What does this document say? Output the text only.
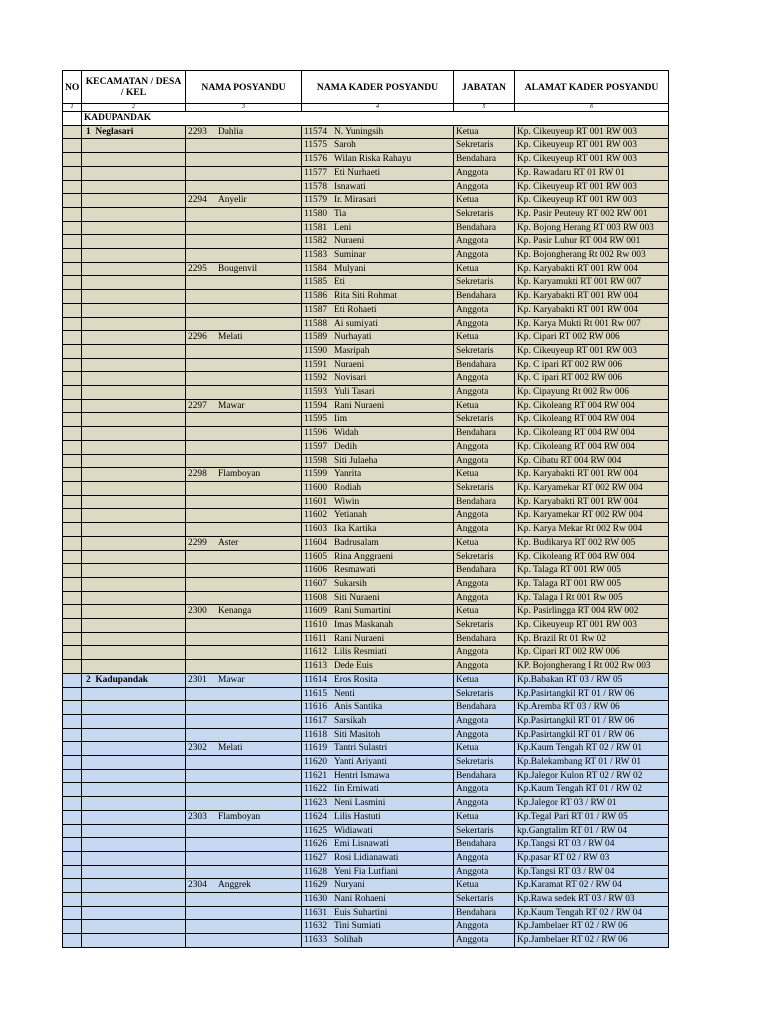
NO	KECAMATAN / DESA / KEL	NAMA POSYANDU	NAMA KADER POSYANDU	JABATAN	ALAMAT KADER POSYANDU
1	2	3	4	5	6
	KADUPANDAK				
	1 Neglasari	2293 Dahlia	11574 N. Yuningsih	Ketua	Kp. Cikeuyeup RT 001 RW 003
			11575 Saroh	Sekretaris	Kp. Cikeuyeup RT 001 RW 003
			11576 Wilan Riska Rahayu	Bendahara	Kp. Cikeuyeup RT 001 RW 003
			11577 Eti Nurhaeti	Anggota	Kp. Rawadaru RT 01 RW 01
			11578 Isnawati	Anggota	Kp. Cikeuyeup RT 001 RW 003
		2294 Anyelir	11579 Ir. Mirasari	Ketua	Kp. Cikeuyeup RT 001 RW 003
			11580 Tia	Sekretaris	Kp. Pasir Peuteuy RT 002 RW 001
			11581 Leni	Bendahara	Kp. Bojong Herang RT 003 RW 003
			11582 Nuraeni	Anggota	Kp. Pasir Luhur RT 004 RW 001
			11583 Suminar	Anggota	Kp. Bojongherang Rt 002 Rw 003
		2295 Bougenvil	11584 Mulyani	Ketua	Kp. Karyabakti RT 001 RW 004
			11585 Eti	Sekretaris	Kp. Karyamukti RT 001 RW 007
			11586 Rita Siti Rohmat	Bendahara	Kp. Karyabakti RT 001 RW 004
			11587 Eti Rohaeti	Anggota	Kp. Karyabakti RT 001 RW 004
			11588 Ai sumiyati	Anggota	Kp. Karya Mukti Rt 001 Rw 007
		2296 Melati	11589 Nurhayati	Ketua	Kp. Cipari RT 002 RW 006
			11590 Masripah	Sekretaris	Kp. Cikeuyeup RT 001 RW 003
			11591 Nuraeni	Bendahara	Kp. C ipari RT 002 RW 006
			11592 Novisari	Anggota	Kp. C ipari RT 002 RW 006
			11593 Yuli Tasari	Anggota	Kp. Cipayung Rt 002 Rw 006
		2297 Mawar	11594 Rani Nuraeni	Ketua	Kp. Cikoleang RT 004 RW 004
			11595 Iim	Sekretaris	Kp. Cikoleang RT 004 RW 004
			11596 Widah	Bendahara	Kp. Cikoleang RT 004 RW 004
			11597 Dedih	Anggota	Kp. Cikoleang RT 004 RW 004
			11598 Siti Julaeha	Anggota	Kp. Cibatu RT 004 RW 004
		2298 Flamboyan	11599 Yanrita	Ketua	Kp. Karyabakti RT 001 RW 004
			11600 Rodiah	Sekretaris	Kp. Karyamekar RT 002 RW 004
			11601 Wiwin	Bendahara	Kp. Karyabakti RT 001 RW 004
			11602 Yetianah	Anggota	Kp. Karyamekar RT 002 RW 004
			11603 Ika Kartika	Anggota	Kp. Karya Mekar Rt 002 Rw 004
		2299 Aster	11604 Badrusalam	Ketua	Kp. Budikarya RT 002 RW 005
			11605 Rina Anggraeni	Sekretaris	Kp. Cikoleang RT 004 RW 004
			11606 Resmawati	Bendahara	Kp. Talaga RT 001 RW 005
			11607 Sukarsih	Anggota	Kp. Talaga RT 001 RW 005
			11608 Siti Nuraeni	Anggota	Kp. Talaga I Rt 001 Rw 005
		2300 Kenanga	11609 Rani Sumartini	Ketua	Kp. Pasirlingga RT 004 RW 002
			11610 Imas Maskanah	Sekretaris	Kp. Cikeuyeup RT 001 RW 003
			11611 Rani Nuraeni	Bendahara	Kp. Brazil Rt 01 Rw 02
			11612 Lilis Resmiati	Anggota	Kp. Cipari RT 002 RW 006
			11613 Dede Euis	Anggota	KP. Bojongherang I Rt 002 Rw 003
	2 Kadupandak	2301 Mawar	11614 Eros Rosita	Ketua	Kp.Babakan RT 03 / RW 05
			11615 Nenti	Sekretaris	Kp.Pasirtangkil RT 01 / RW 06
			11616 Anis Santika	Bendahara	Kp.Aremba RT 03 / RW 06
			11617 Sarsikah	Anggota	Kp.Pasirtangkil RT 01 / RW 06
			11618 Siti Masitoh	Anggota	Kp.Pasirtangkil RT 01 / RW 06
		2302 Melati	11619 Tantri Sulastri	Ketua	Kp.Kaum Tengah RT 02 / RW 01
			11620 Yanti Ariyanti	Sekretaris	Kp.Balekambang RT 01 / RW 01
			11621 Hentri Ismawa	Bendahara	Kp.Jalegor Kulon RT 02 / RW 02
			11622 Iin Erniwati	Anggota	Kp.Kaum Tengah RT 01 / RW 02
			11623 Neni Lasmini	Anggota	Kp.Jalegor RT 03 / RW 01
		2303 Flamboyan	11624 Lilis Hastuti	Ketua	Kp.Tegal Pari RT 01 / RW 05
			11625 Widiawati	Sekertaris	kp.Gangtalim RT 01 / RW 04
			11626 Emi Lisnawati	Bendahara	Kp.Tangsi RT 03 / RW 04
			11627 Rosi Lidianawati	Anggota	Kp.pasar RT 02 / RW 03
			11628 Yeni Fia Lutfiani	Anggota	Kp.Tangsi RT 03 / RW 04
		2304 Anggrek	11629 Nuryani	Ketua	Kp.Karamat RT 02 / RW 04
			11630 Nani Rohaeni	Sekertaris	Kp.Rawa sedek RT 03 / RW 03
			11631 Euis Suhartini	Bendahara	Kp.Kaum Tengah RT 02 / RW 04
			11632 Tini Sumiati	Anggota	Kp.Jambelaer RT 02 / RW 06
			11633 Solihah	Anggota	Kp.Jambelaer RT 02 / RW 06
